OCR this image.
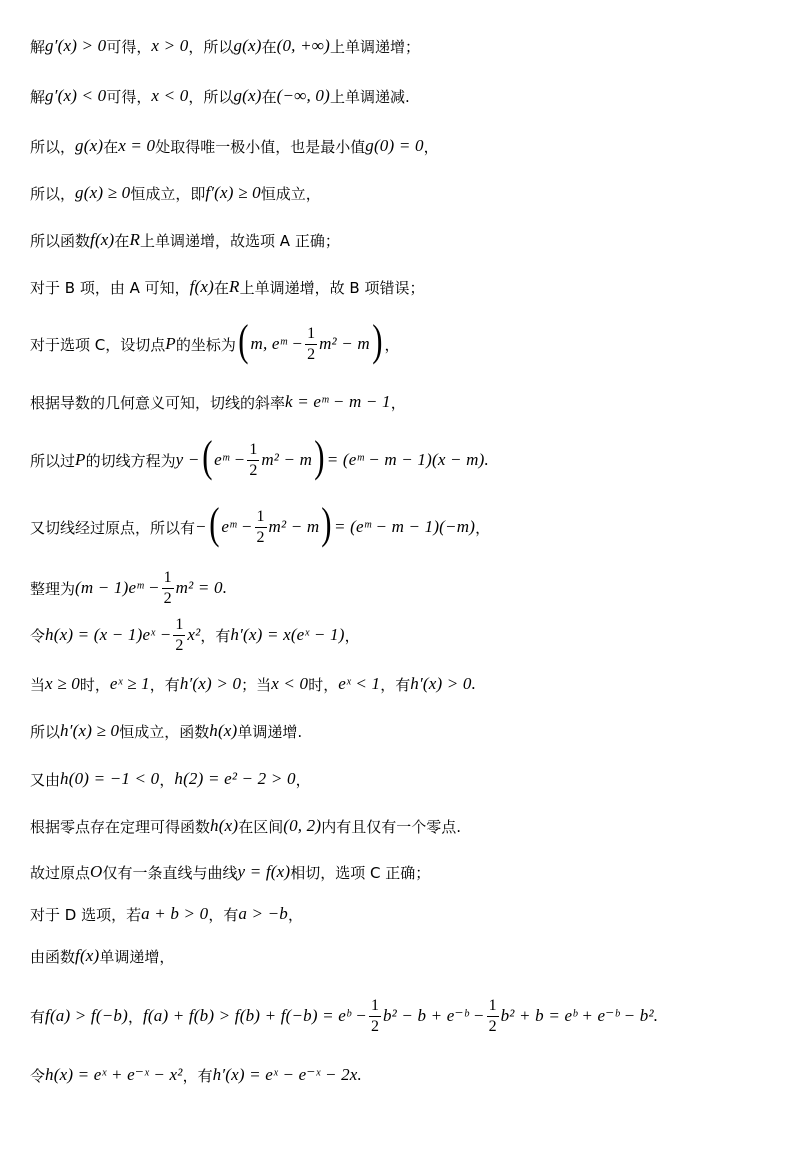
解 g′(x) > 0 可得， x > 0 ，所以 g(x) 在 (0, +∞) 上单调递增；
解 g′(x) < 0 可得， x < 0 ，所以 g(x) 在 (−∞, 0) 上单调递减.
所以， g(x) 在 x = 0 处取得唯一极小值，也是最小值 g(0) = 0 ，
所以， g(x) ≥ 0 恒成立，即 f′(x) ≥ 0 恒成立，
所以函数 f(x) 在 R 上单调递增，故选项 A 正确；
对于 B 项，由 A 可知， f(x) 在 R 上单调递增，故 B 项错误；
对于选项 C，设切点 P 的坐标为 ( m, eᵐ − $\frac{1}{2} m^2 - m$ ) ，
根据导数的几何意义可知，切线的斜率 k = eᵐ − m − 1 ，
所以过 P 的切线方程为 y − ( eᵐ − $\frac{1}{2} m^2 - m$ ) = (eᵐ − m − 1)(x − m).
又切线经过原点，所以有 − ( eᵐ − $\frac{1}{2} m^2 - m$ ) = (eᵐ − m − 1)(−m) ，
整理为 (m − 1)eᵐ − $\frac{1}{2} m^2 = 0$.
令 h(x) = (x − 1)eˣ − $\frac{1}{2} x^2$ ，有 h′(x) = x(eˣ − 1) ，
当 x ≥ 0 时， eˣ ≥ 1 ，有 h′(x) > 0 ；当 x < 0 时， eˣ < 1 ，有 h′(x) > 0.
所以 h′(x) ≥ 0 恒成立，函数 h(x) 单调递增.
又由 h(0) = −1 < 0 ， h(2) = e² − 2 > 0 ，
根据零点存在定理可得函数 h(x) 在区间 (0, 2) 内有且仅有一个零点.
故过原点 O 仅有一条直线与曲线 y = f(x) 相切，选项 C 正确；
对于 D 选项，若 a + b > 0 ，有 a > −b ，
由函数 f(x) 单调递增，
有 f(a) > f(−b) ， f(a) + f(b) > f(b) + f(−b) = eᵇ − $\frac{1}{2} b^2 - b$ + e⁻ᵇ − $\frac{1}{2} b^2 + b$ = eᵇ + e⁻ᵇ − b².
令 h(x) = eˣ + e⁻ˣ − x² ，有 h′(x) = eˣ − e⁻ˣ − 2x.
